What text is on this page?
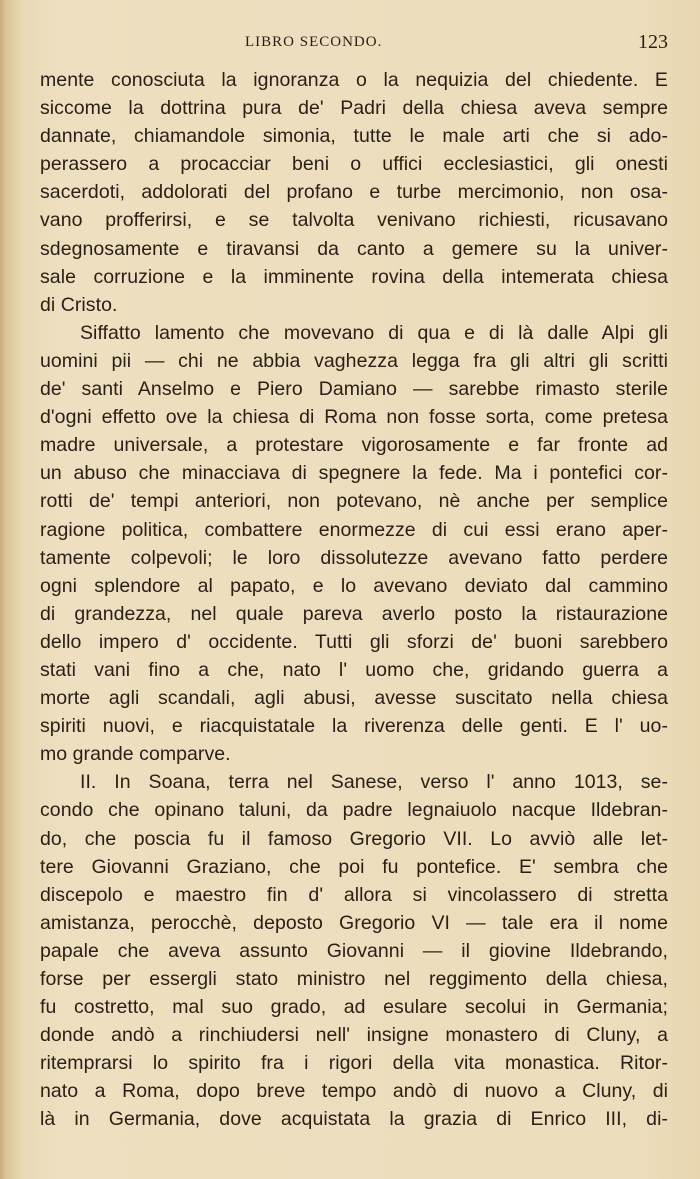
LIBRO SECONDO.	123
mente conosciuta la ignoranza o la nequizia del chiedente. E
siccome la dottrina pura de' Padri della chiesa aveva sempre
dannate, chiamandole simonia, tutte le male arti che si ado-
perassero a procacciar beni o uffici ecclesiastici, gli onesti
sacerdoti, addolorati del profano e turbe mercimonio, non osa-
vano profferirsi, e se talvolta venivano richiesti, ricusavano
sdegnosamente e tiravansi da canto a gemere su la univer-
sale corruzione e la imminente rovina della intemerata chiesa
di Cristo.
Siffatto lamento che movevano di qua e di là dalle Alpi gli
uomini pii — chi ne abbia vaghezza legga fra gli altri gli scritti
de' santi Anselmo e Piero Damiano — sarebbe rimasto sterile
d'ogni effetto ove la chiesa di Roma non fosse sorta, come pretesa
madre universale, a protestare vigorosamente e far fronte ad
un abuso che minacciava di spegnere la fede. Ma i pontefici cor-
rotti de' tempi anteriori, non potevano, nè anche per semplice
ragione politica, combattere enormezze di cui essi erano aper-
tamente colpevoli; le loro dissolutezze avevano fatto perdere
ogni splendore al papato, e lo avevano deviato dal cammino
di grandezza, nel quale pareva averlo posto la ristaurazione
dello impero d' occidente. Tutti gli sforzi de' buoni sarebbero
stati vani fino a che, nato l' uomo che, gridando guerra a
morte agli scandali, agli abusi, avesse suscitato nella chiesa
spiriti nuovi, e riacquistatale la riverenza delle genti. E l' uo-
mo grande comparve.
II. In Soana, terra nel Sanese, verso l' anno 1013, se-
condo che opinano taluni, da padre legnaiuolo nacque Ildebran-
do, che poscia fu il famoso Gregorio VII. Lo avviò alle let-
tere Giovanni Graziano, che poi fu pontefice. E' sembra che
discepolo e maestro fin d' allora si vincolassero di stretta
amistanza, perocchè, deposto Gregorio VI — tale era il nome
papale che aveva assunto Giovanni — il giovine Ildebrando,
forse per essergli stato ministro nel reggimento della chiesa,
fu costretto, mal suo grado, ad esulare secolui in Germania;
donde andò a rinchiudersi nell' insigne monastero di Cluny, a
ritemprarsi lo spirito fra i rigori della vita monastica. Ritor-
nato a Roma, dopo breve tempo andò di nuovo a Cluny, di
là in Germania, dove acquistata la grazia di Enrico III, di-
